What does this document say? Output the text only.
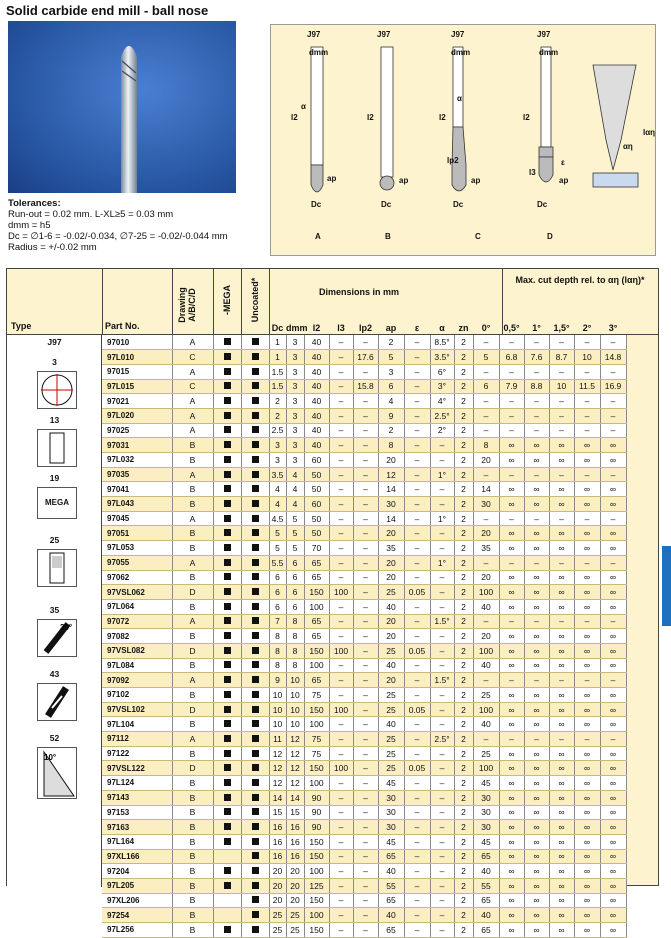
Solid carbide end mill - ball nose
Tolerances:
Run-out = 0.02 mm. L-XL≥5 = 0.03 mm
dmm = h5
Dc = ∅1-6 = -0.02/-0.034, ∅7-25 = -0.02/-0.044 mm
Radius = +/-0.02 mm
J97	J97	J97	J97
dmm	dmm	dmm
l2	l2	l2	l2
α
α
lp2
l3
ε
ap	ap	ap	ap
Dc	Dc	Dc	Dc
lαη
αη
A	B	C	D
Type	Part No.
Drawing A/B/C/D	-MEGA Uncoated*	Dimensions in mm
Max. cut depth rel. to αη (lαη)*
Dc dmm l2	l3	lp2	ap	ε	α	zn	0°	0,5°	1°	1,5°	2°	3°
J97
3
13
19
MEGA
25
35
30°
43
52
10°
97010	A			1	3	40	–	–	2	–	8.5°	2	–	–	–	–	–	–
97L010	C			1	3	40	–	17.6	5	–	3.5°	2	5	6.8	7.6	8.7	10	14.8
97015	A			1.5	3	40	–	–	3	–	6°	2	–	–	–	–	–	–
97L015	C			1.5	3	40	–	15.8	6	–	3°	2	6	7.9	8.8	10	11.5	16.9
97021	A			2	3	40	–	–	4	–	4°	2	–	–	–	–	–	–
97L020	A			2	3	40	–	–	9	–	2.5°	2	–	–	–	–	–	–
97025	A			2.5	3	40	–	–	2	–	2°	2	–	–	–	–	–	–
97031	B			3	3	40	–	–	8	–	–	2	8	∞	∞	∞	∞	∞
97L032	B			3	3	60	–	–	20	–	–	2	20	∞	∞	∞	∞	∞
97035	A			3.5	4	50	–	–	12	–	1°	2	–	–	–	–	–	–
97041	B			4	4	50	–	–	14	–	–	2	14	∞	∞	∞	∞	∞
97L043	B			4	4	60	–	–	30	–	–	2	30	∞	∞	∞	∞	∞
97045	A			4.5	5	50	–	–	14	–	1°	2	–	–	–	–	–	–
97051	B			5	5	50	–	–	20	–	–	2	20	∞	∞	∞	∞	∞
97L053	B			5	5	70	–	–	35	–	–	2	35	∞	∞	∞	∞	∞
97055	A			5.5	6	65	–	–	20	–	1°	2	–	–	–	–	–	–
97062	B			6	6	65	–	–	20	–	–	2	20	∞	∞	∞	∞	∞
97VSL062	D			6	6	150	100	–	25	0.05	–	2	100	∞	∞	∞	∞	∞
97L064	B			6	6	100	–	–	40	–	–	2	40	∞	∞	∞	∞	∞
97072	A			7	8	65	–	–	20	–	1.5°	2	–	–	–	–	–	–
97082	B			8	8	65	–	–	20	–	–	2	20	∞	∞	∞	∞	∞
97VSL082	D			8	8	150	100	–	25	0.05	–	2	100	∞	∞	∞	∞	∞
97L084	B			8	8	100	–	–	40	–	–	2	40	∞	∞	∞	∞	∞
97092	A			9	10	65	–	–	20	–	1.5°	2	–	–	–	–	–	–
97102	B			10	10	75	–	–	25	–	–	2	25	∞	∞	∞	∞	∞
97VSL102	D			10	10	150	100	–	25	0.05	–	2	100	∞	∞	∞	∞	∞
97L104	B			10	10	100	–	–	40	–	–	2	40	∞	∞	∞	∞	∞
97112	A			11	12	75	–	–	25	–	2.5°	2	–	–	–	–	–	–
97122	B			12	12	75	–	–	25	–	–	2	25	∞	∞	∞	∞	∞
97VSL122	D			12	12	150	100	–	25	0.05	–	2	100	∞	∞	∞	∞	∞
97L124	B			12	12	100	–	–	45	–	–	2	45	∞	∞	∞	∞	∞
97143	B			14	14	90	–	–	30	–	–	2	30	∞	∞	∞	∞	∞
97153	B			15	15	90	–	–	30	–	–	2	30	∞	∞	∞	∞	∞
97163	B			16	16	90	–	–	30	–	–	2	30	∞	∞	∞	∞	∞
97L164	B			16	16	150	–	–	45	–	–	2	45	∞	∞	∞	∞	∞
97XL166	B			16	16	150	–	–	65	–	–	2	65	∞	∞	∞	∞	∞
97204	B			20	20	100	–	–	40	–	–	2	40	∞	∞	∞	∞	∞
97L205	B			20	20	125	–	–	55	–	–	2	55	∞	∞	∞	∞	∞
97XL206	B			20	20	150	–	–	65	–	–	2	65	∞	∞	∞	∞	∞
97254	B			25	25	100	–	–	40	–	–	2	40	∞	∞	∞	∞	∞
97L256	B			25	25	150	–	–	65	–	–	2	65	∞	∞	∞	∞	∞
